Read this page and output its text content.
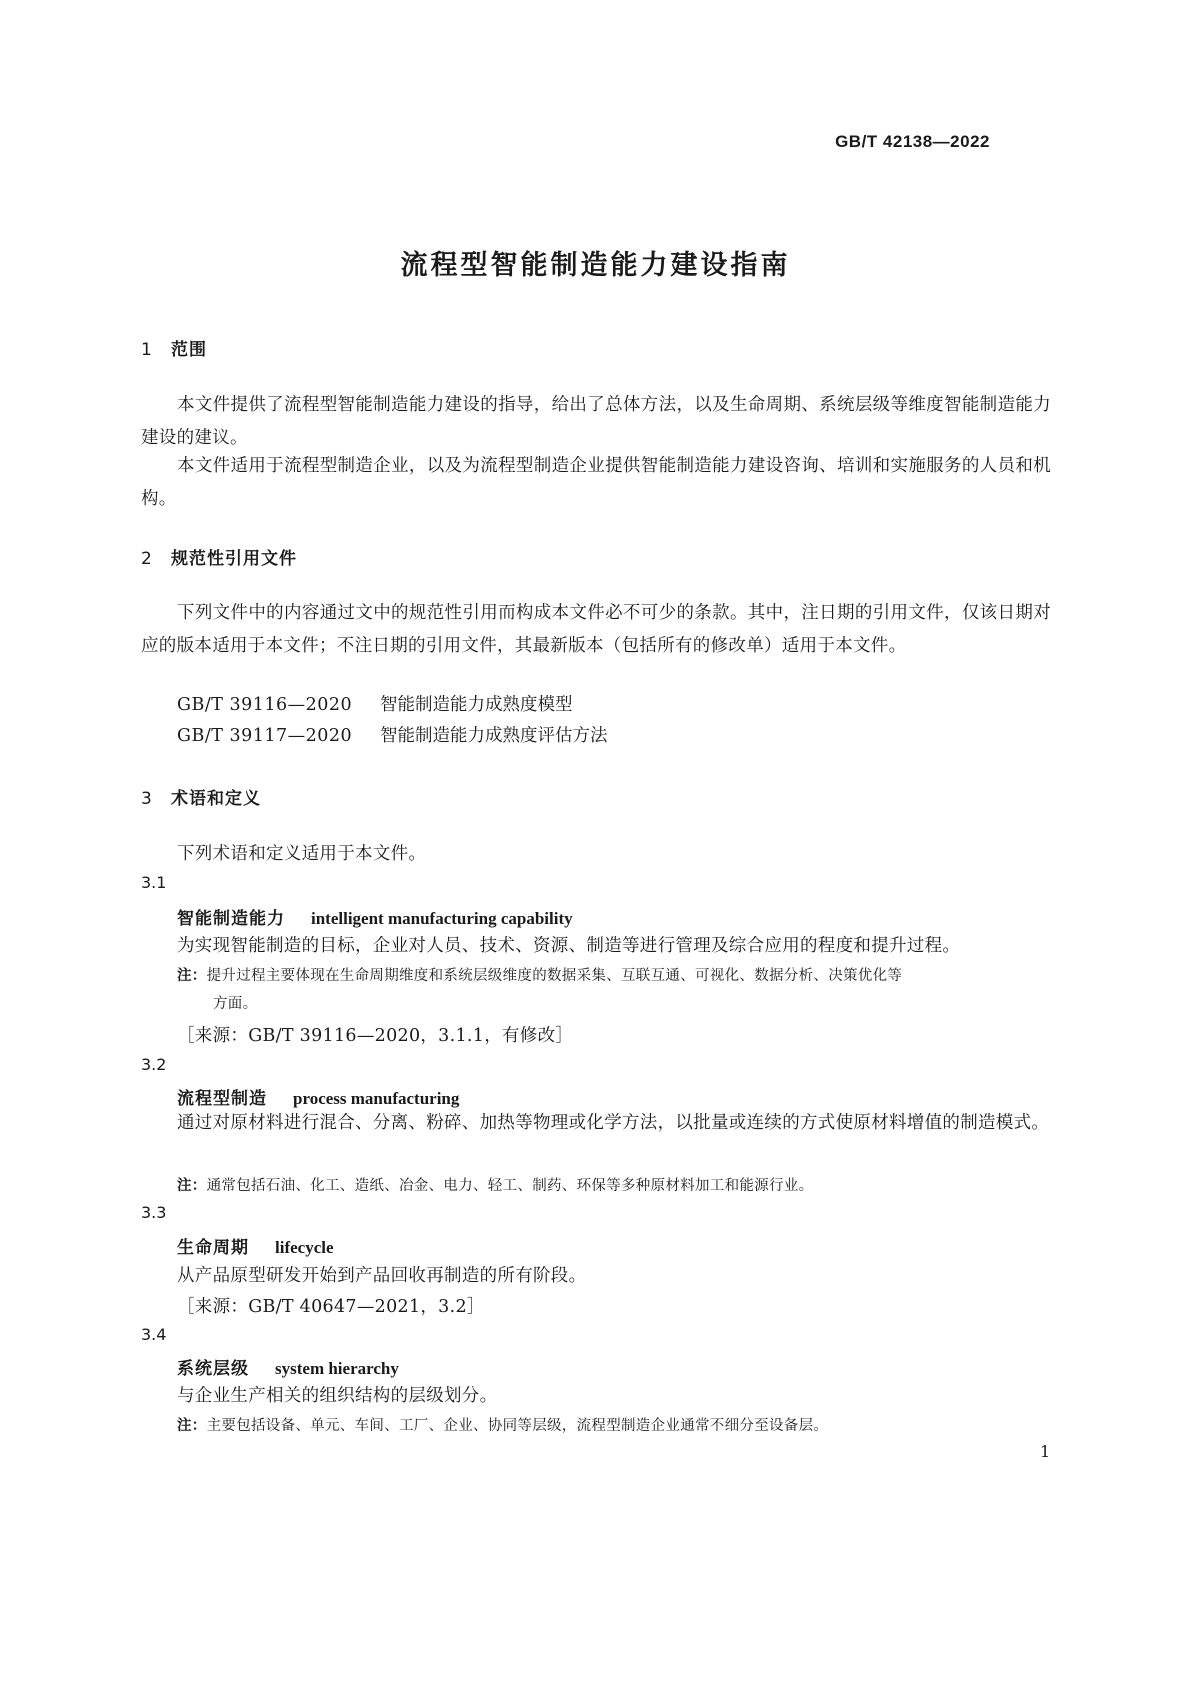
GB/T 42138—2022
流程型智能制造能力建设指南
1 范围
本文件提供了流程型智能制造能力建设的指导，给出了总体方法，以及生命周期、系统层级等维度智能制造能力建设的建议。
本文件适用于流程型制造企业，以及为流程型制造企业提供智能制造能力建设咨询、培训和实施服务的人员和机构。
2 规范性引用文件
下列文件中的内容通过文中的规范性引用而构成本文件必不可少的条款。其中，注日期的引用文件，仅该日期对应的版本适用于本文件；不注日期的引用文件，其最新版本（包括所有的修改单）适用于本文件。
GB/T 39116—2020 智能制造能力成熟度模型
GB/T 39117—2020 智能制造能力成熟度评估方法
3 术语和定义
下列术语和定义适用于本文件。
3.1
智能制造能力 intelligent manufacturing capability
为实现智能制造的目标，企业对人员、技术、资源、制造等进行管理及综合应用的程度和提升过程。
注：提升过程主要体现在生命周期维度和系统层级维度的数据采集、互联互通、可视化、数据分析、决策优化等
方面。
［来源：GB/T 39116—2020，3.1.1，有修改］
3.2
流程型制造 process manufacturing
通过对原材料进行混合、分离、粉碎、加热等物理或化学方法，以批量或连续的方式使原材料增值的制造模式。
注：通常包括石油、化工、造纸、冶金、电力、轻工、制药、环保等多种原材料加工和能源行业。
3.3
生命周期 lifecycle
从产品原型研发开始到产品回收再制造的所有阶段。
［来源：GB/T 40647—2021，3.2］
3.4
系统层级 system hierarchy
与企业生产相关的组织结构的层级划分。
注：主要包括设备、单元、车间、工厂、企业、协同等层级，流程型制造企业通常不细分至设备层。
1
